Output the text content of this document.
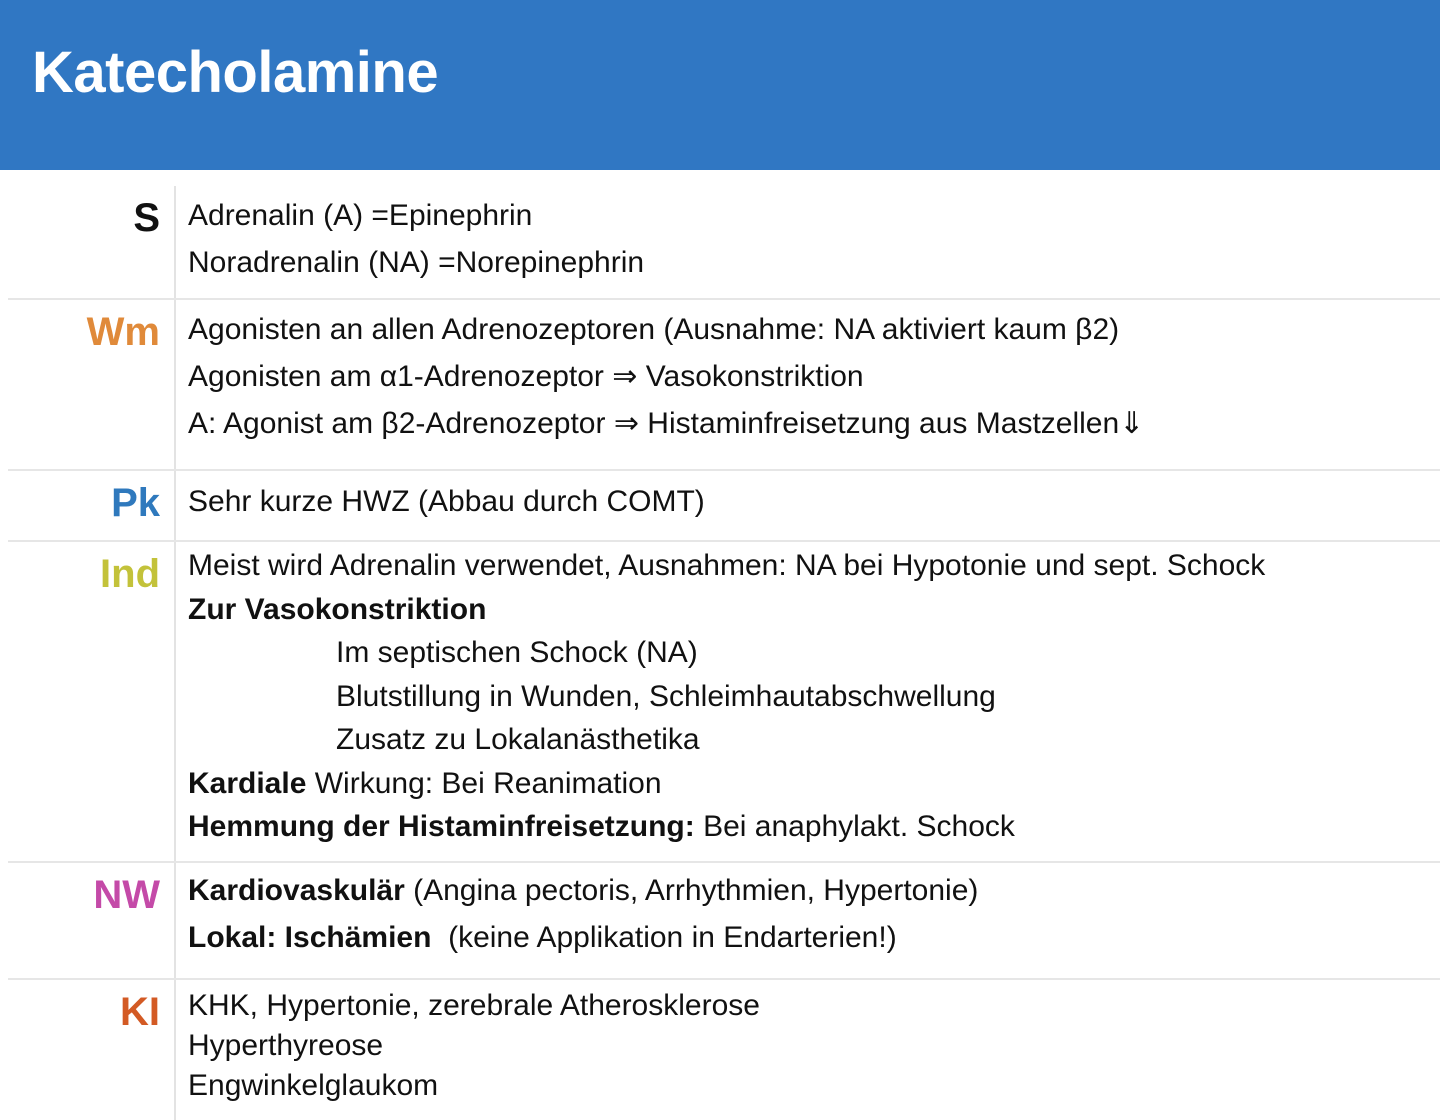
Katecholamine
S Adrenalin (A) =Epinephrin
Noradrenalin (NA) =Norepinephrin
Wm Agonisten an allen Adrenozeptoren (Ausnahme: NA aktiviert kaum β2)
Agonisten am α1-Adrenozeptor ⇒ Vasokonstriktion
A: Agonist am β2-Adrenozeptor ⇒ Histaminfreisetzung aus Mastzellen⇓
Pk Sehr kurze HWZ (Abbau durch COMT)
Ind Meist wird Adrenalin verwendet, Ausnahmen: NA bei Hypotonie und sept. Schock
Zur Vasokonstriktion
Im septischen Schock (NA)
Blutstillung in Wunden, Schleimhautabschwellung
Zusatz zu Lokalanästhetika
Kardiale Wirkung: Bei Reanimation
Hemmung der Histaminfreisetzung: Bei anaphylakt. Schock
NW Kardiovaskulär (Angina pectoris, Arrhythmien, Hypertonie)
Lokal: Ischämien  (keine Applikation in Endarterien!)
KI KHK, Hypertonie, zerebrale Atherosklerose
Hyperthyreose
Engwinkelglaukom
